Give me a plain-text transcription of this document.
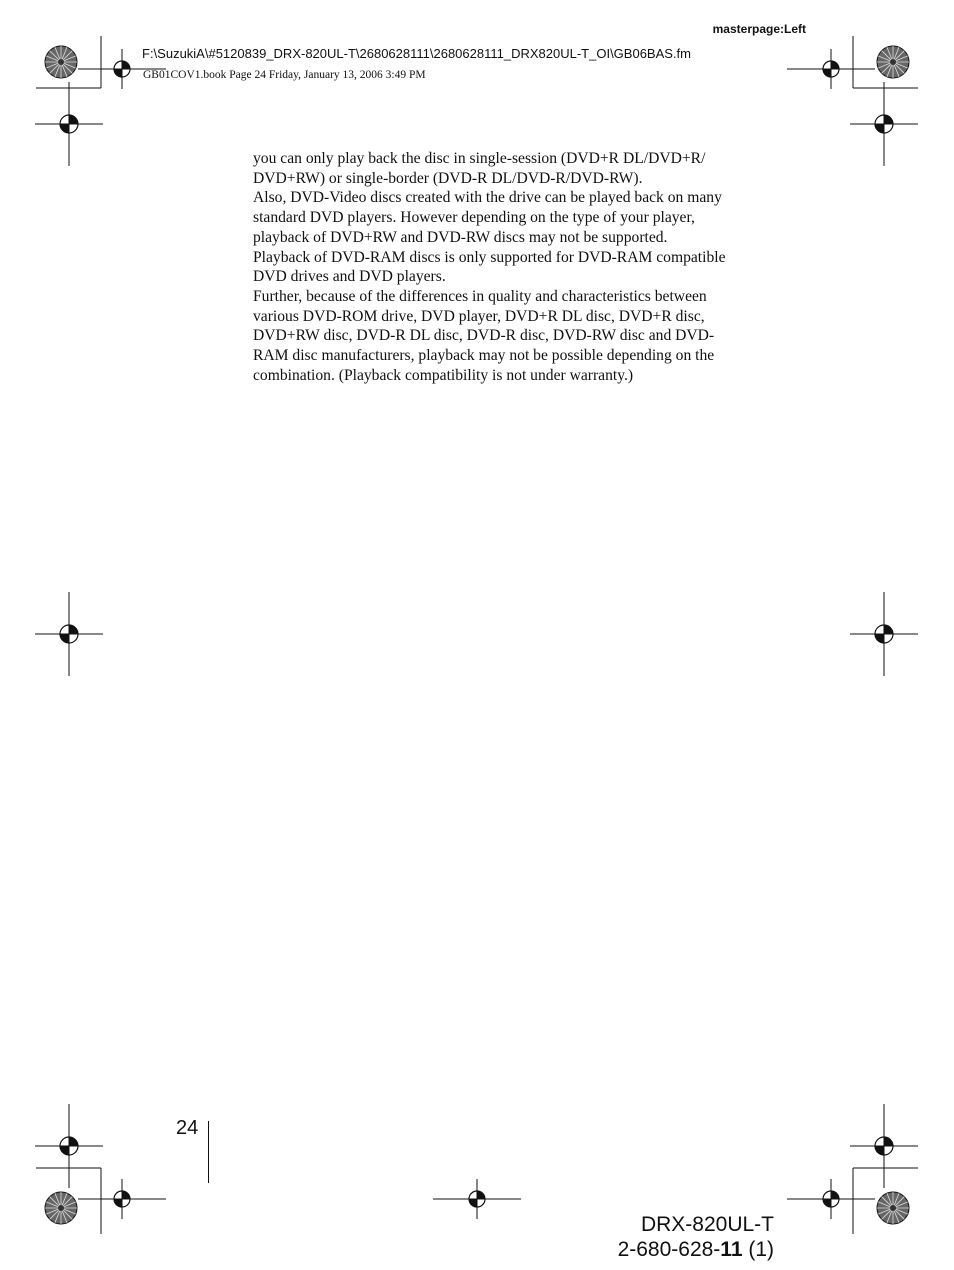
masterpage:Left
F:\SuzukiA\#5120839_DRX-820UL-T\2680628111\2680628111_DRX820UL-T_OI\GB06BAS.fm
GB01COV1.book Page 24 Friday, January 13, 2006 3:49 PM
you can only play back the disc in single-session (DVD+R DL/DVD+R/
DVD+RW) or single-border (DVD-R DL/DVD-R/DVD-RW).
Also, DVD-Video discs created with the drive can be played back on many
standard DVD players. However depending on the type of your player,
playback of DVD+RW and DVD-RW discs may not be supported.
Playback of DVD-RAM discs is only supported for DVD-RAM compatible
DVD drives and DVD players.
Further, because of the differences in quality and characteristics between
various DVD-ROM drive, DVD player, DVD+R DL disc, DVD+R disc,
DVD+RW disc, DVD-R DL disc, DVD-R disc, DVD-RW disc and DVD-
RAM disc manufacturers, playback may not be possible depending on the
combination. (Playback compatibility is not under warranty.)
24
DRX-820UL-T
2-680-628-11 (1)
